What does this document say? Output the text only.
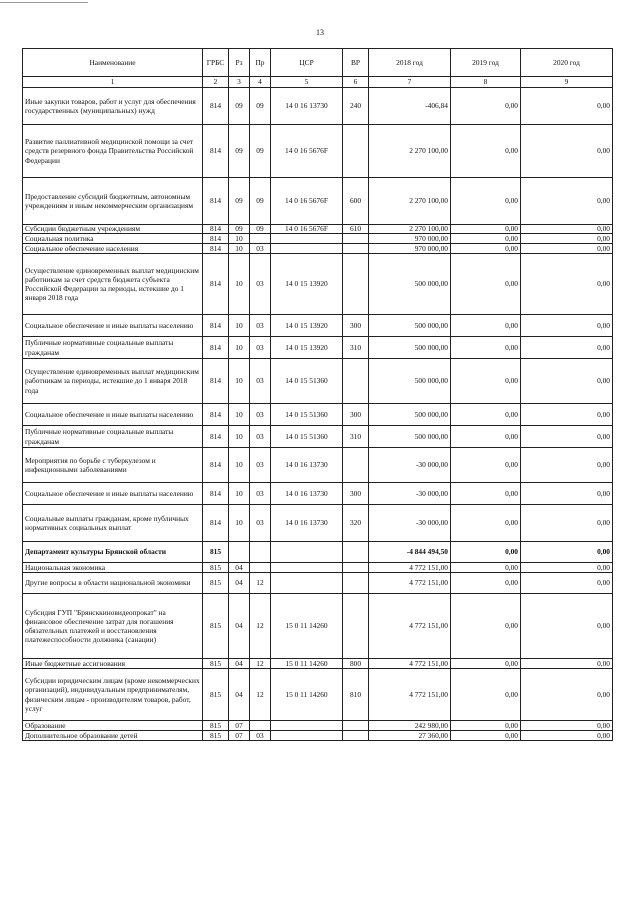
13
Наименование	ГРБС	Рз	Пр	ЦСР	ВР	2018 год	2019 год	2020 год
1	2	3	4	5	6	7	8	9
Иные закупки товаров, работ и услуг для обеспечения государственных (муниципальных) нужд	814	09	09	14 0 16 13730	240	-406,84	0,00	0,00
Развитие паллиативной медицинской помощи за счет средств резервного фонда Правительства Российской Федерации	814	09	09	14 0 16 5676F		2 270 100,00	0,00	0,00
Предоставление субсидий бюджетным, автономным учреждениям и иным некоммерческим организациям	814	09	09	14 0 16 5676F	600	2 270 100,00	0,00	0,00
Субсидии бюджетным учреждениям	814	09	09	14 0 16 5676F	610	2 270 100,00	0,00	0,00
Социальная политика	814	10				970 000,00	0,00	0,00
Социальное обеспечение населения	814	10	03			970 000,00	0,00	0,00
Осуществление единовременных выплат медицинским работникам за счет средств бюджета субъекта Российской Федерации за периоды, истекшие до 1 января 2018 года	814	10	03	14 0 15 13920		500 000,00	0,00	0,00
Социальное обеспечение и иные выплаты населению	814	10	03	14 0 15 13920	300	500 000,00	0,00	0,00
Публичные нормативные социальные выплаты гражданам	814	10	03	14 0 15 13920	310	500 000,00	0,00	0,00
Осуществление единовременных выплат медицинским работникам за периоды, истекшие до 1 января 2018 года	814	10	03	14 0 15 51360		500 000,00	0,00	0,00
Социальное обеспечение и иные выплаты населению	814	10	03	14 0 15 51360	300	500 000,00	0,00	0,00
Публичные нормативные социальные выплаты гражданам	814	10	03	14 0 15 51360	310	500 000,00	0,00	0,00
Мероприятия по борьбе с туберкулезом и инфекционными заболеваниями	814	10	03	14 0 16 13730		-30 000,00	0,00	0,00
Социальное обеспечение и иные выплаты населению	814	10	03	14 0 16 13730	300	-30 000,00	0,00	0,00
Социальные выплаты гражданам, кроме публичных нормативных социальных выплат	814	10	03	14 0 16 13730	320	-30 000,00	0,00	0,00
Департамент культуры Брянской области	815					-4 844 494,50	0,00	0,00
Национальная экономика	815	04				4 772 151,00	0,00	0,00
Другие вопросы в области национальной экономики	815	04	12			4 772 151,00	0,00	0,00
Субсидия ГУП "Брянсккиновидеопрокат" на финансовое обеспечение затрат для погашения обязательных платежей и восстановления платежеспособности должника (санации)	815	04	12	15 0 11 14260		4 772 151,00	0,00	0,00
Иные бюджетные ассигнования	815	04	12	15 0 11 14260	800	4 772 151,00	0,00	0,00
Субсидии юридическим лицам (кроме некоммерческих организаций), индивидуальным предпринимателям, физическим лицам - производителям товаров, работ, услуг	815	04	12	15 0 11 14260	810	4 772 151,00	0,00	0,00
Образование	815	07				242 980,00	0,00	0,00
Дополнительное образование детей	815	07	03			27 360,00	0,00	0,00
